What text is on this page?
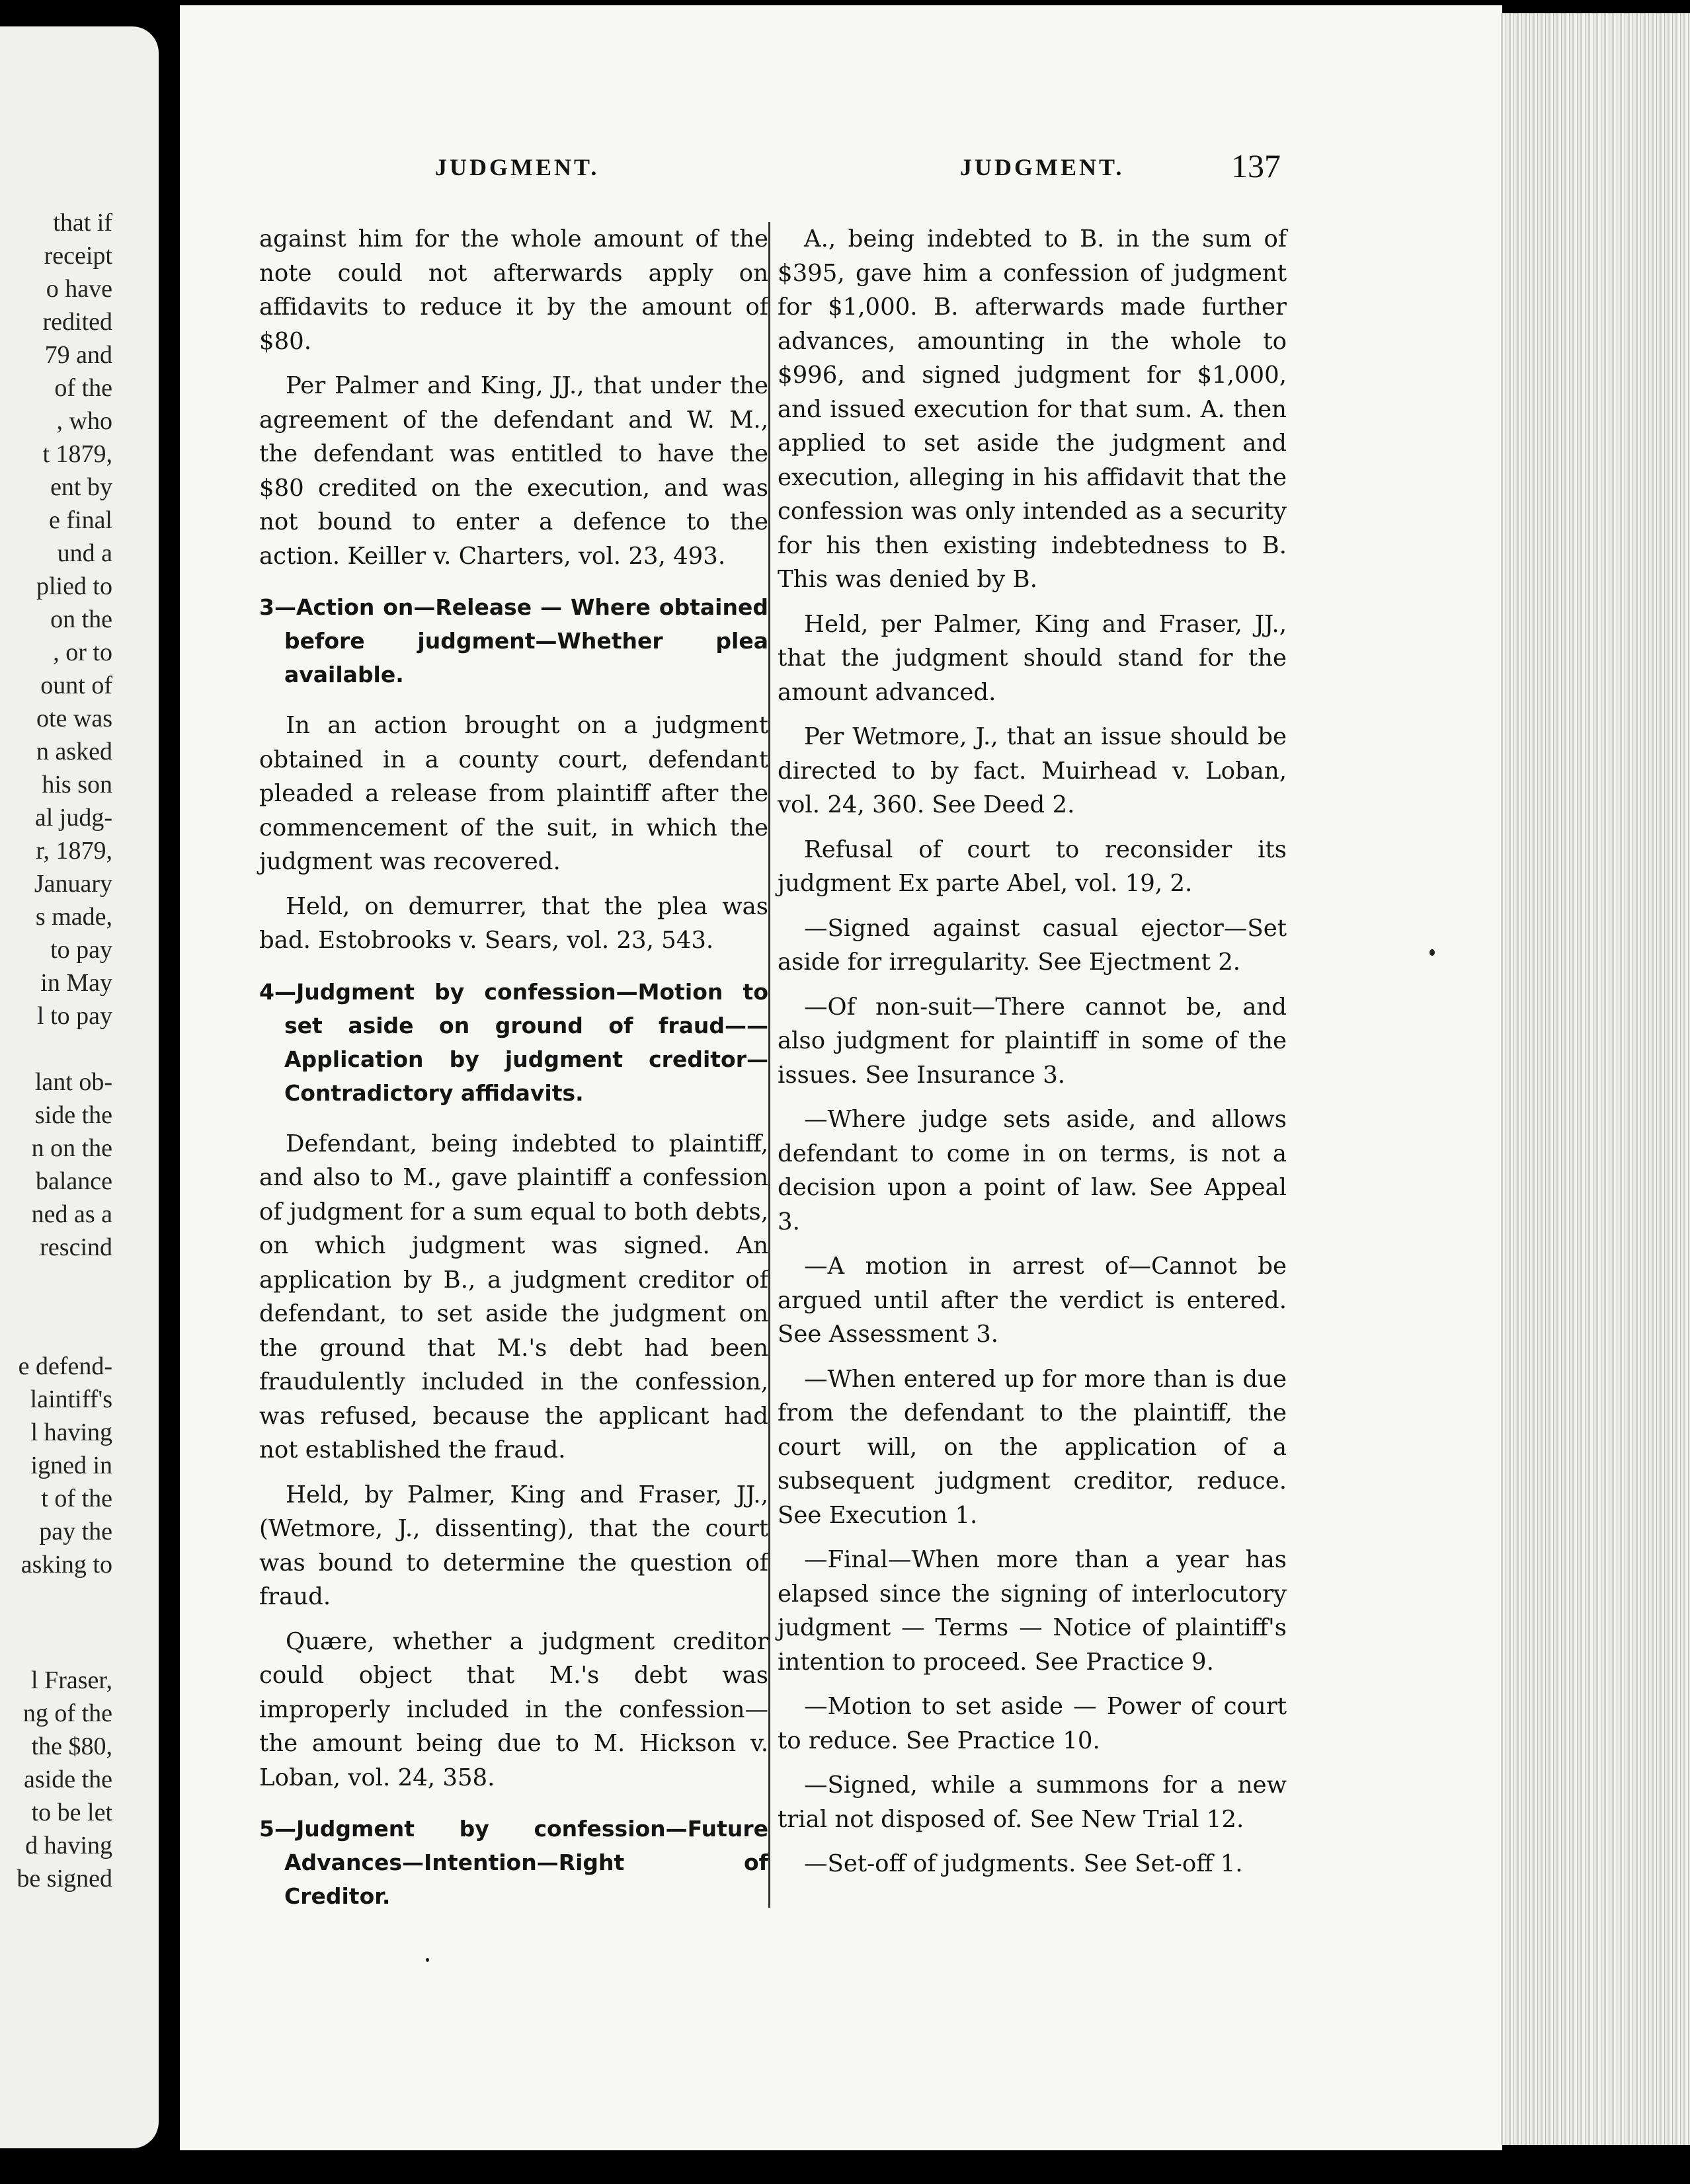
that if
receipt
o have
redited
79 and
of the
, who
t 1879,
ent by
e final
und a
plied to
on the
, or to
ount of
ote was
n asked
his son
al judg-
r, 1879,
January
s made,
to pay
in May
l to pay
lant ob-
side the
n on the
balance
ned as a
rescind
e defend-
laintiff's
l having
igned in
t of the
pay the
asking to
l Fraser,
ng of the
the $80,
aside the
to be let
d having
be signed
JUDGMENT.	JUDGMENT.	137

against him for the whole amount of the note could not afterwards apply on affidavits to reduce it by the amount of $80.

Per Palmer and King, JJ., that under the agreement of the defendant and W. M., the defendant was entitled to have the $80 credited on the execution, and was not bound to enter a defence to the action. Keiller v. Charters, vol. 23, 493.

3—Action on—Release — Where obtained before judgment—Whether plea available.

In an action brought on a judgment obtained in a county court, defendant pleaded a release from plaintiff after the commencement of the suit, in which the judgment was recovered.

Held, on demurrer, that the plea was bad. Estobrooks v. Sears, vol. 23, 543.

4—Judgment by confession—Motion to set aside on ground of fraud——Application by judgment creditor—Contradictory affidavits.

Defendant, being indebted to plaintiff, and also to M., gave plaintiff a confession of judgment for a sum equal to both debts, on which judgment was signed. An application by B., a judgment creditor of defendant, to set aside the judgment on the ground that M.'s debt had been fraudulently included in the confession, was refused, because the applicant had not established the fraud.

Held, by Palmer, King and Fraser, JJ., (Wetmore, J., dissenting), that the court was bound to determine the question of fraud.

Quære, whether a judgment creditor could object that M.'s debt was improperly included in the confession—the amount being due to M. Hickson v. Loban, vol. 24, 358.

5—Judgment by confession—Future Advances—Intention—Right of Creditor.

A., being indebted to B. in the sum of $395, gave him a confession of judgment for $1,000. B. afterwards made further advances, amounting in the whole to $996, and signed judgment for $1,000, and issued execution for that sum. A. then applied to set aside the judgment and execution, alleging in his affidavit that the confession was only intended as a security for his then existing indebtedness to B. This was denied by B.

Held, per Palmer, King and Fraser, JJ., that the judgment should stand for the amount advanced.

Per Wetmore, J., that an issue should be directed to by fact. Muirhead v. Loban, vol. 24, 360. See Deed 2.

Refusal of court to reconsider its judgment Ex parte Abel, vol. 19, 2.

—Signed against casual ejector—Set aside for irregularity. See Ejectment 2.

—Of non-suit—There cannot be, and also judgment for plaintiff in some of the issues. See Insurance 3.

—Where judge sets aside, and allows defendant to come in on terms, is not a decision upon a point of law. See Appeal 3.

—A motion in arrest of—Cannot be argued until after the verdict is entered. See Assessment 3.

—When entered up for more than is due from the defendant to the plaintiff, the court will, on the application of a subsequent judgment creditor, reduce. See Execution 1.

—Final—When more than a year has elapsed since the signing of interlocutory judgment — Terms — Notice of plaintiff's intention to proceed. See Practice 9.

—Motion to set aside — Power of court to reduce. See Practice 10.

—Signed, while a summons for a new trial not disposed of. See New Trial 12.

—Set-off of judgments. See Set-off 1.
